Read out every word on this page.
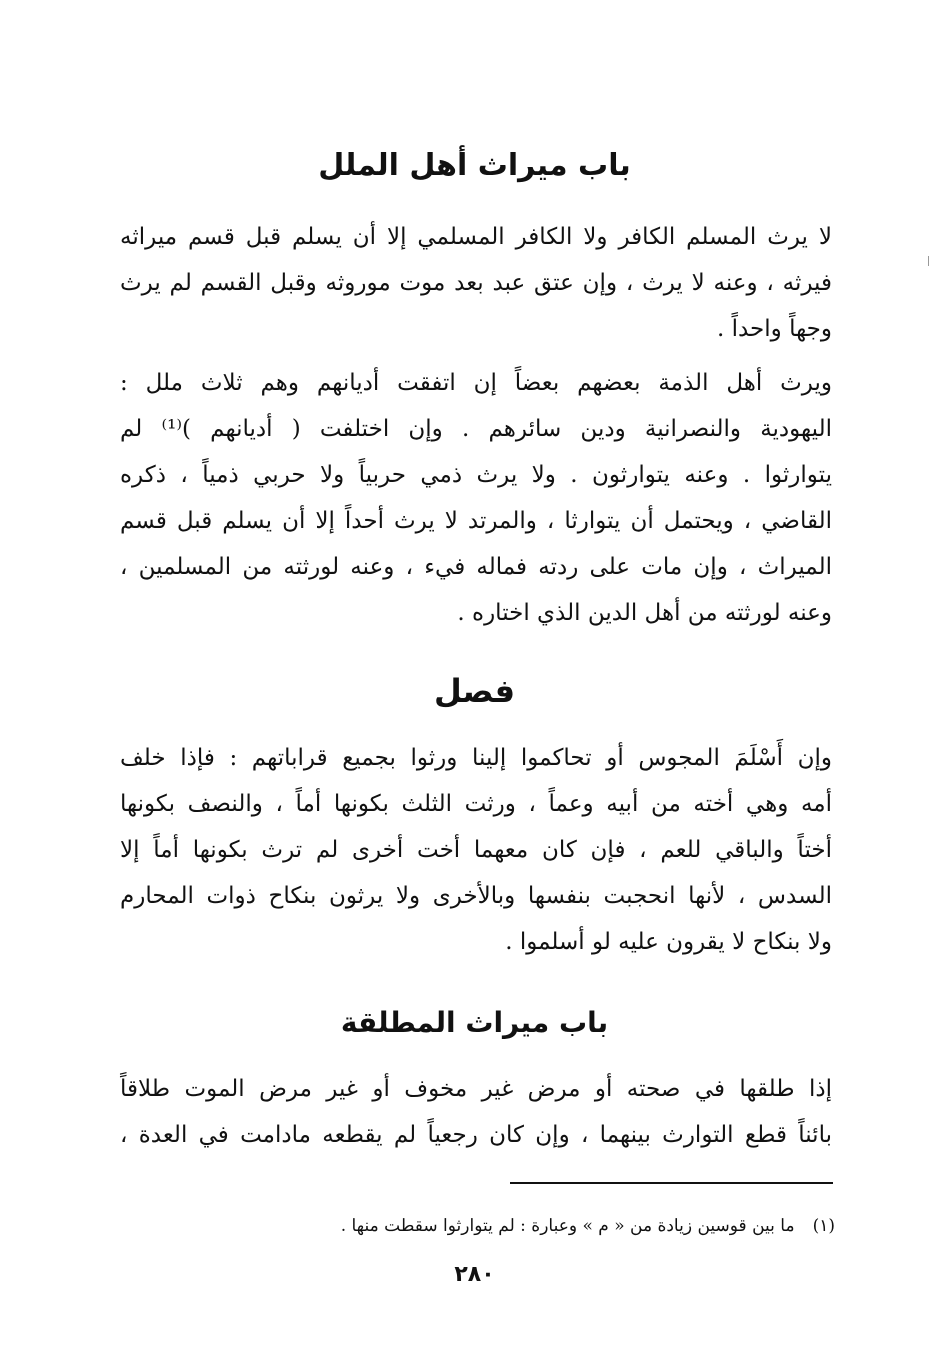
باب ميراث أهل الملل
لا يرث المسلم الكافر ولا الكافر المسلمي إلا أن يسلم قبل قسم ميراثه
فيرثه ، وعنه لا يرث ، وإن عتق عبد بعد موت موروثه وقبل القسم لم يرث
وجهاً واحداً .
ويرث أهل الذمة بعضهم بعضاً إن اتفقت أديانهم وهم ثلاث ملل :
اليهودية والنصرانية ودين سائرهم . وإن اختلفت ( أديانهم )⁽¹⁾ لم
يتوارثوا . وعنه يتوارثون . ولا يرث ذمي حربياً ولا حربي ذمياً ، ذكره
القاضي ، ويحتمل أن يتوارثا ، والمرتد لا يرث أحداً إلا أن يسلم قبل قسم
الميراث ، وإن مات على ردته فماله فيء ، وعنه لورثته من المسلمين ،
وعنه لورثته من أهل الدين الذي اختاره .
فصل
وإن أَسْلَمَ المجوس أو تحاكموا إلينا ورثوا بجميع قراباتهم : فإذا خلف
أمه وهي أخته من أبيه وعماً ، ورثت الثلث بكونها أماً ، والنصف بكونها
أختاً والباقي للعم ، فإن كان معهما أخت أخرى لم ترث بكونها أماً إلا
السدس ، لأنها انحجبت بنفسها وبالأخرى ولا يرثون بنكاح ذوات المحارم
ولا بنكاح لا يقرون عليه لو أسلموا .
باب ميراث المطلقة
إذا طلقها في صحته أو مرض غير مخوف أو غير مرض الموت طلاقاً
بائناً قطع التوارث بينهما ، وإن كان رجعياً لم يقطعه مادامت في العدة ،
(١)ما بين قوسين زيادة من « م » وعبارة : لم يتوارثوا سقطت منها .
٢٨٠
